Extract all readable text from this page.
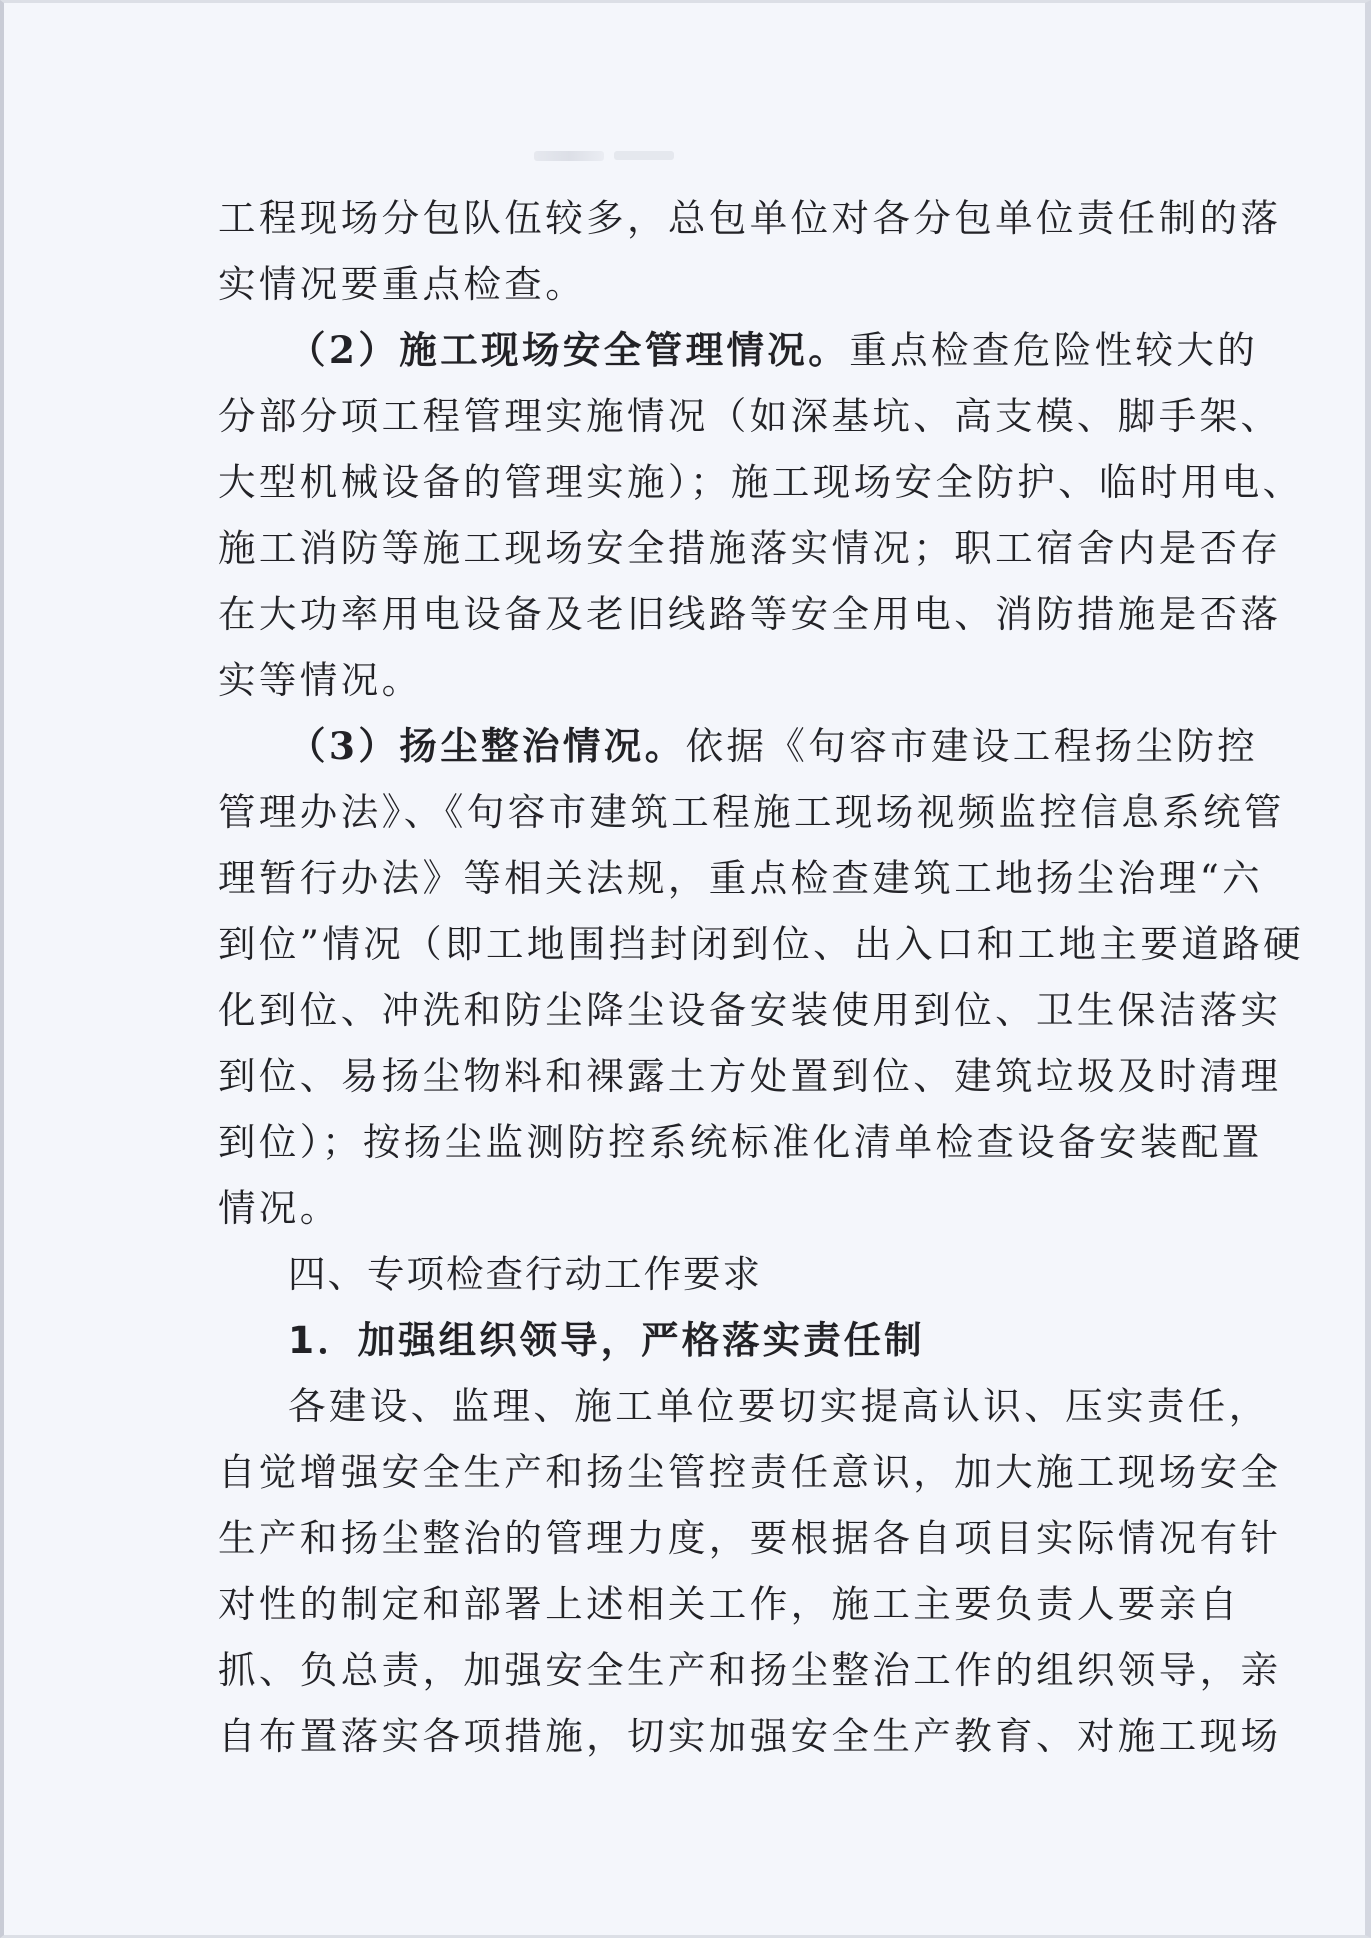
工程现场分包队伍较多，总包单位对各分包单位责任制的落
实情况要重点检查。
（2）施工现场安全管理情况。重点检查危险性较大的
分部分项工程管理实施情况（如深基坑、高支模、脚手架、
大型机械设备的管理实施）；施工现场安全防护、临时用电、
施工消防等施工现场安全措施落实情况；职工宿舍内是否存
在大功率用电设备及老旧线路等安全用电、消防措施是否落
实等情况。
（3）扬尘整治情况。依据《句容市建设工程扬尘防控
管理办法》、《句容市建筑工程施工现场视频监控信息系统管
理暂行办法》等相关法规，重点检查建筑工地扬尘治理“六
到位”情况（即工地围挡封闭到位、出入口和工地主要道路硬
化到位、冲洗和防尘降尘设备安装使用到位、卫生保洁落实
到位、易扬尘物料和裸露土方处置到位、建筑垃圾及时清理
到位）；按扬尘监测防控系统标准化清单检查设备安装配置
情况。
四、专项检查行动工作要求
1．加强组织领导，严格落实责任制
各建设、监理、施工单位要切实提高认识、压实责任，
自觉增强安全生产和扬尘管控责任意识，加大施工现场安全
生产和扬尘整治的管理力度，要根据各自项目实际情况有针
对性的制定和部署上述相关工作，施工主要负责人要亲自
抓、负总责，加强安全生产和扬尘整治工作的组织领导，亲
自布置落实各项措施，切实加强安全生产教育、对施工现场
